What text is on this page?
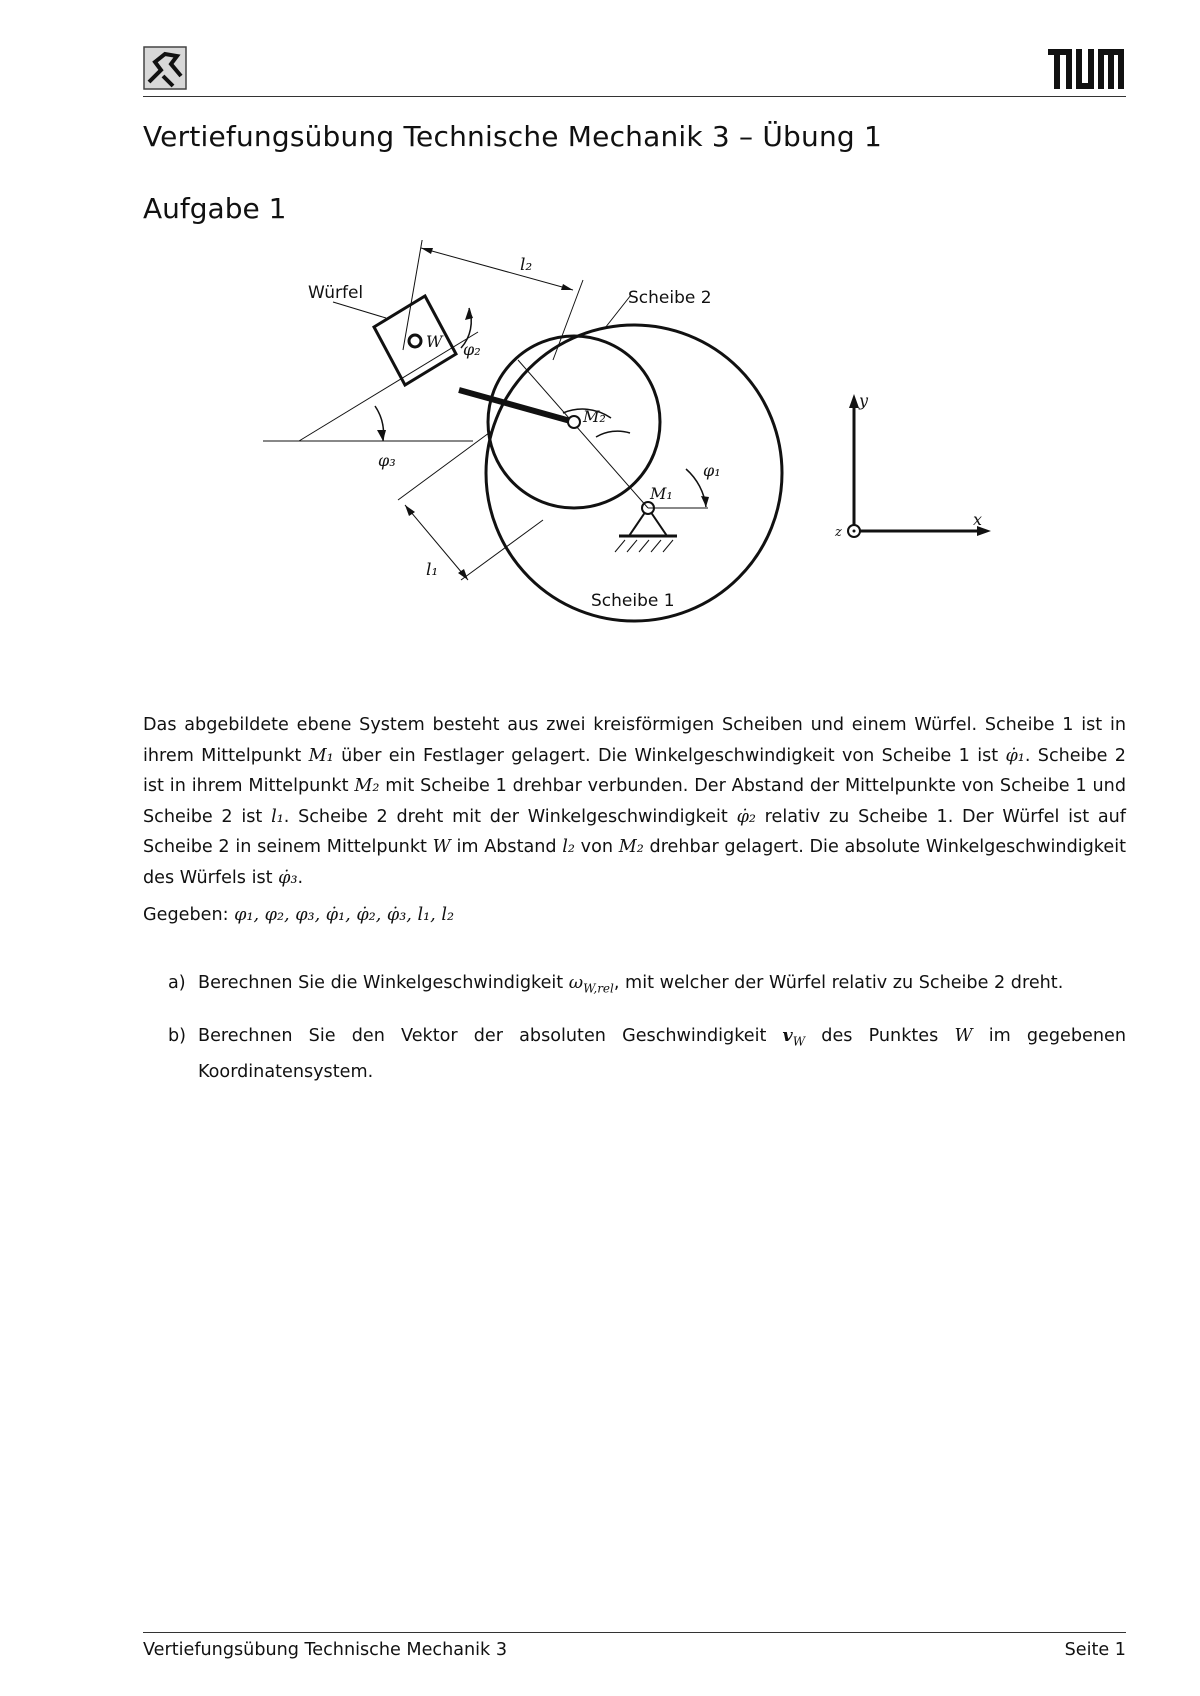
Vertiefungsübung Technische Mechanik 3 – Übung 1
Aufgabe 1
Würfel	Scheibe 2
Scheibe 1
l₂
l₁
W
M₂
M₁
φ₁
φ₂
φ₃
y
x
z

Das abgebildete ebene System besteht aus zwei kreisförmigen Scheiben und einem Würfel. Scheibe 1 ist in ihrem Mittelpunkt M₁ über ein Festlager gelagert. Die Winkelgeschwindigkeit von Scheibe 1 ist φ̇₁. Scheibe 2 ist in ihrem Mittelpunkt M₂ mit Scheibe 1 drehbar verbunden. Der Abstand der Mittelpunkte von Scheibe 1 und Scheibe 2 ist l₁. Scheibe 2 dreht mit der Winkelgeschwindigkeit φ̇₂ relativ zu Scheibe 1. Der Würfel ist auf Scheibe 2 in seinem Mittelpunkt W im Abstand l₂ von M₂ drehbar gelagert. Die absolute Winkelgeschwindigkeit des Würfels ist φ̇₃.

Gegeben: φ₁, φ₂, φ₃, φ̇₁, φ̇₂, φ̇₃, l₁, l₂

a) Berechnen Sie die Winkelgeschwindigkeit $\omega_{W,rel}$, mit welcher der Würfel relativ zu Scheibe 2 dreht.
b) Berechnen Sie den Vektor der absoluten Geschwindigkeit $v_W$ des Punktes W im gegebenen Koordinatensystem.
Vertiefungsübung Technische Mechanik 3	Seite 1
